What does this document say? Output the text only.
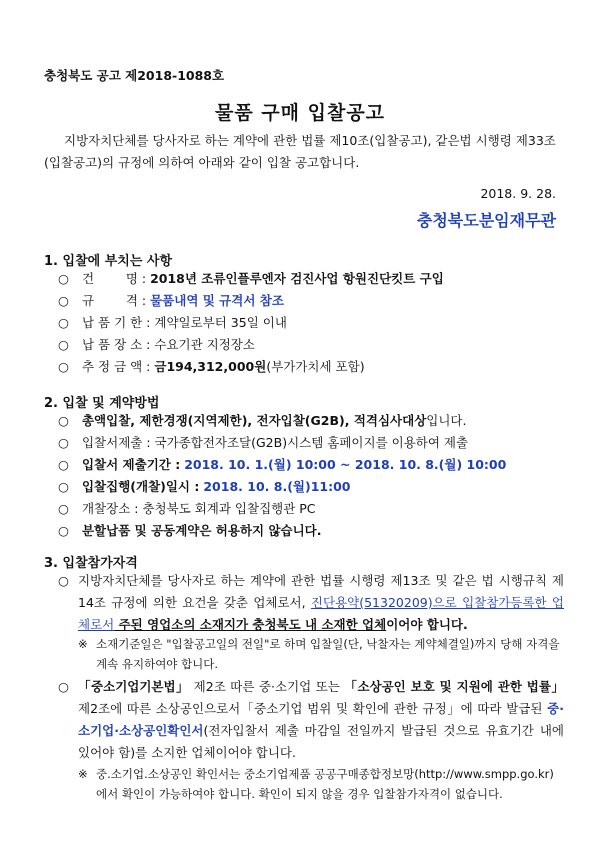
충청북도 공고 제2018-1088호
물품 구매 입찰공고
지방자치단체를 당사자로 하는 계약에 관한 법률 제10조(입찰공고), 같은법 시행령 제33조(입찰공고)의 규정에 의하여 아래와 같이 입찰 공고합니다.
2018. 9. 28.
충청북도분임재무관
1. 입찰에 부치는 사항
○ 건        명 : 2018년 조류인플루엔자 검진사업 항원진단킷트 구입
○ 규        격 : 물품내역 및 규격서 참조
○ 납 품 기 한 : 계약일로부터 35일 이내
○ 납 품 장 소 : 수요기관 지정장소
○ 추 정 금 액 : 금194,312,000원(부가가치세 포함)
2. 입찰 및 계약방법
○ 총액입찰, 제한경쟁(지역제한), 전자입찰(G2B), 적격심사대상입니다.
○ 입찰서제출 : 국가종합전자조달(G2B)시스템 홈페이지를 이용하여 제출
○ 입찰서 제출기간 : 2018. 10. 1.(월) 10:00 ~ 2018. 10. 8.(월) 10:00
○ 입찰집행(개찰)일시 : 2018. 10. 8.(월)11:00
○ 개찰장소 : 충청북도 회계과 입찰집행관 PC
○ 분할납품 및 공동계약은 허용하지 않습니다.
3. 입찰참가자격
○ 지방자치단체를 당사자로 하는 계약에 관한 법률 시행령 제13조 및 같은 법 시행규칙 제14조 규정에 의한 요건을 갖춘 업체로서, 진단용약(51320209)으로 입찰참가등록한 업체로서 주된 영업소의 소재지가 충청북도 내 소재한 업체이어야 합니다.
※ 소재기준일은 "입찰공고일의 전일"로 하며 입찰일(단, 낙찰자는 계약체결일)까지 당해 자격을 계속 유지하여야 합니다.
○ 「중소기업기본법」 제2조 따른 중·소기업 또는 「소상공인 보호 및 지원에 관한 법률」 제2조에 따른 소상공인으로서「중소기업 범위 및 확인에 관한 규정」에 따라 발급된 중·소기업·소상공인확인서(전자입찰서 제출 마감일 전일까지 발급된 것으로 유효기간 내에 있어야 함)를 소지한 업체이어야 합니다.
※ 중.소기업.소상공인 확인서는 중소기업제품 공공구매종합정보망(http://www.smpp.go.kr)에서 확인이 가능하여야 합니다. 확인이 되지 않을 경우 입찰참가자격이 없습니다.
